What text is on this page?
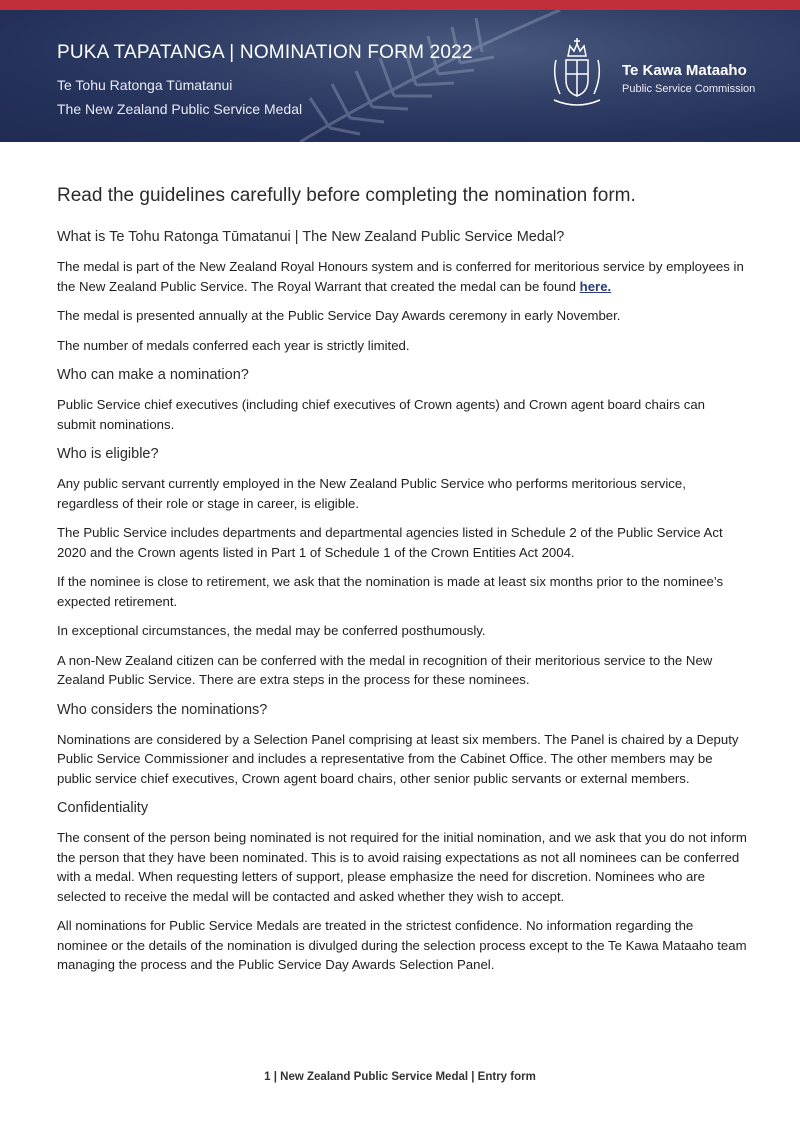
PUKA TAPATANGA | NOMINATION FORM 2022
Te Tohu Ratonga Tūmatanui
The New Zealand Public Service Medal
Te Kawa Mataaho
Public Service Commission
Read the guidelines carefully before completing the nomination form.
What is Te Tohu Ratonga Tūmatanui | The New Zealand Public Service Medal?

The medal is part of the New Zealand Royal Honours system and is conferred for meritorious service by employees in the New Zealand Public Service. The Royal Warrant that created the medal can be found here.

The medal is presented annually at the Public Service Day Awards ceremony in early November.

The number of medals conferred each year is strictly limited.

Who can make a nomination?

Public Service chief executives (including chief executives of Crown agents) and Crown agent board chairs can submit nominations.

Who is eligible?

Any public servant currently employed in the New Zealand Public Service who performs meritorious service, regardless of their role or stage in career, is eligible.

The Public Service includes departments and departmental agencies listed in Schedule 2 of the Public Service Act 2020 and the Crown agents listed in Part 1 of Schedule 1 of the Crown Entities Act 2004.

If the nominee is close to retirement, we ask that the nomination is made at least six months prior to the nominee’s expected retirement.

In exceptional circumstances, the medal may be conferred posthumously.

A non-New Zealand citizen can be conferred with the medal in recognition of their meritorious service to the New Zealand Public Service. There are extra steps in the process for these nominees.

Who considers the nominations?

Nominations are considered by a Selection Panel comprising at least six members. The Panel is chaired by a Deputy Public Service Commissioner and includes a representative from the Cabinet Office. The other members may be public service chief executives, Crown agent board chairs, other senior public servants or external members.

Confidentiality

The consent of the person being nominated is not required for the initial nomination, and we ask that you do not inform the person that they have been nominated. This is to avoid raising expectations as not all nominees can be conferred with a medal. When requesting letters of support, please emphasize the need for discretion. Nominees who are selected to receive the medal will be contacted and asked whether they wish to accept.

All nominations for Public Service Medals are treated in the strictest confidence. No information regarding the nominee or the details of the nomination is divulged during the selection process except to the Te Kawa Mataaho team managing the process and the Public Service Day Awards Selection Panel.

1 | New Zealand Public Service Medal | Entry form
